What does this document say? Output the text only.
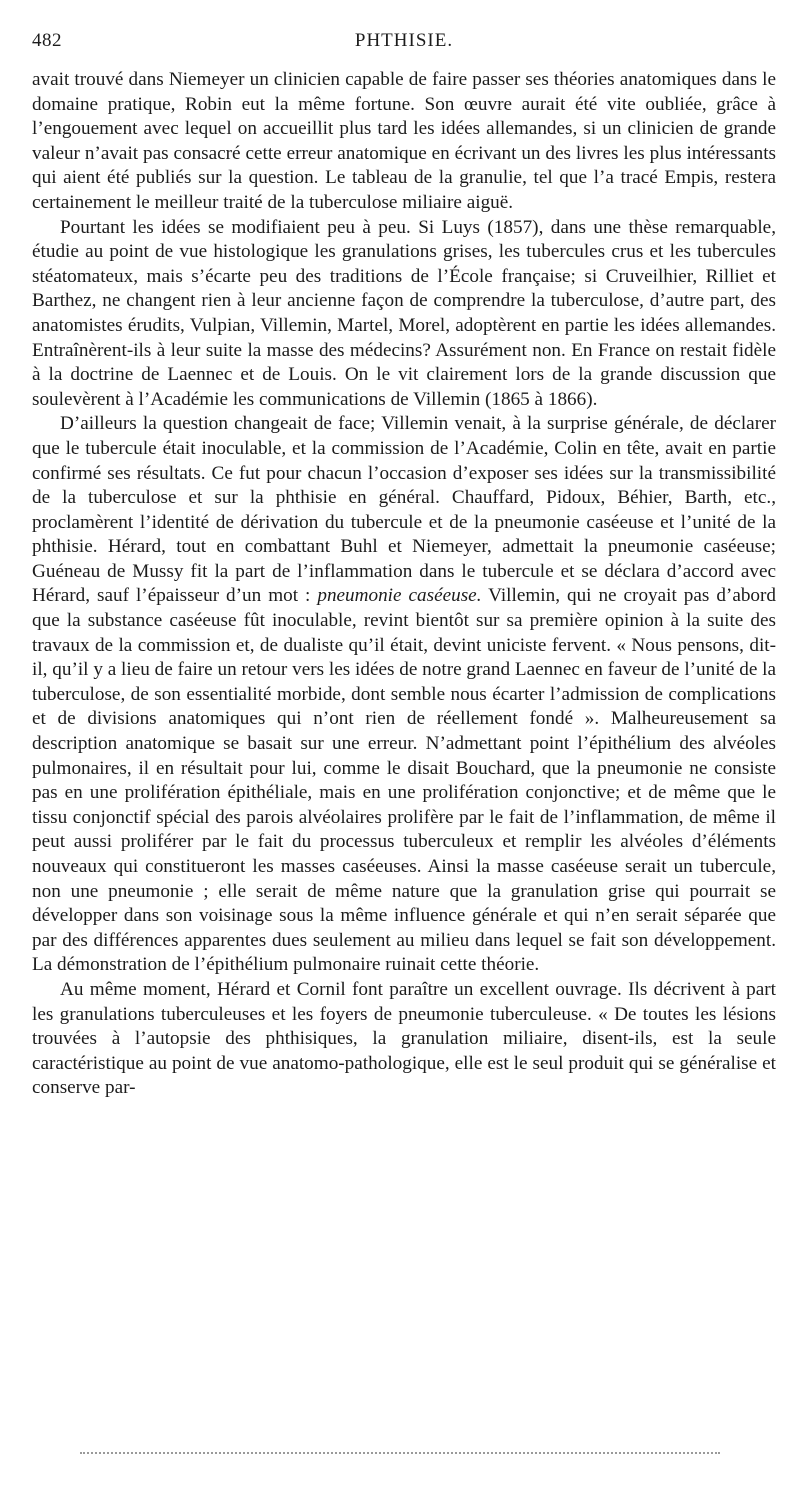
482	PHTHISIE.

avait trouvé dans Niemeyer un clinicien capable de faire passer ses théories anatomiques dans le domaine pratique, Robin eut la même fortune. Son œuvre aurait été vite oubliée, grâce à l’engouement avec lequel on accueillit plus tard les idées allemandes, si un clinicien de grande valeur n’avait pas consacré cette erreur anatomique en écrivant un des livres les plus intéressants qui aient été publiés sur la question. Le tableau de la granulie, tel que l’a tracé Empis, restera certainement le meilleur traité de la tuberculose miliaire aiguë.

Pourtant les idées se modifiaient peu à peu. Si Luys (1857), dans une thèse remarquable, étudie au point de vue histologique les granulations grises, les tubercules crus et les tubercules stéatomateux, mais s’écarte peu des traditions de l’École française; si Cruveilhier, Rilliet et Barthez, ne changent rien à leur ancienne façon de comprendre la tuberculose, d’autre part, des anatomistes érudits, Vulpian, Villemin, Martel, Morel, adoptèrent en partie les idées allemandes. Entraînèrent-ils à leur suite la masse des médecins? Assurément non. En France on restait fidèle à la doctrine de Laennec et de Louis. On le vit clairement lors de la grande discussion que soulevèrent à l’Académie les communications de Villemin (1865 à 1866).

D’ailleurs la question changeait de face; Villemin venait, à la surprise générale, de déclarer que le tubercule était inoculable, et la commission de l’Académie, Colin en tête, avait en partie confirmé ses résultats. Ce fut pour chacun l’occasion d’exposer ses idées sur la transmissibilité de la tuberculose et sur la phthisie en général. Chauffard, Pidoux, Béhier, Barth, etc., proclamèrent l’identité de dérivation du tubercule et de la pneumonie caséeuse et l’unité de la phthisie. Hérard, tout en combattant Buhl et Niemeyer, admettait la pneumonie caséeuse; Guéneau de Mussy fit la part de l’inflammation dans le tubercule et se déclara d’accord avec Hérard, sauf l’épaisseur d’un mot : pneumonie caséeuse. Villemin, qui ne croyait pas d’abord que la substance caséeuse fût inoculable, revint bientôt sur sa première opinion à la suite des travaux de la commission et, de dualiste qu’il était, devint uniciste fervent. « Nous pensons, dit-il, qu’il y a lieu de faire un retour vers les idées de notre grand Laennec en faveur de l’unité de la tuberculose, de son essentialité morbide, dont semble nous écarter l’admission de complications et de divisions anatomiques qui n’ont rien de réellement fondé ». Malheureusement sa description anatomique se basait sur une erreur. N’admettant point l’épithélium des alvéoles pulmonaires, il en résultait pour lui, comme le disait Bouchard, que la pneumonie ne consiste pas en une prolifération épithéliale, mais en une prolifération conjonctive; et de même que le tissu conjonctif spécial des parois alvéolaires prolifère par le fait de l’inflammation, de même il peut aussi proliférer par le fait du processus tuberculeux et remplir les alvéoles d’éléments nouveaux qui constitueront les masses caséeuses. Ainsi la masse caséeuse serait un tubercule, non une pneumonie ; elle serait de même nature que la granulation grise qui pourrait se développer dans son voisinage sous la même influence générale et qui n’en serait séparée que par des différences apparentes dues seulement au milieu dans lequel se fait son développement. La démonstration de l’épithélium pulmonaire ruinait cette théorie.

Au même moment, Hérard et Cornil font paraître un excellent ouvrage. Ils décrivent à part les granulations tuberculeuses et les foyers de pneumonie tuberculeuse. « De toutes les lésions trouvées à l’autopsie des phthisiques, la granulation miliaire, disent-ils, est la seule caractéristique au point de vue anatomo-pathologique, elle est le seul produit qui se généralise et conserve par-
